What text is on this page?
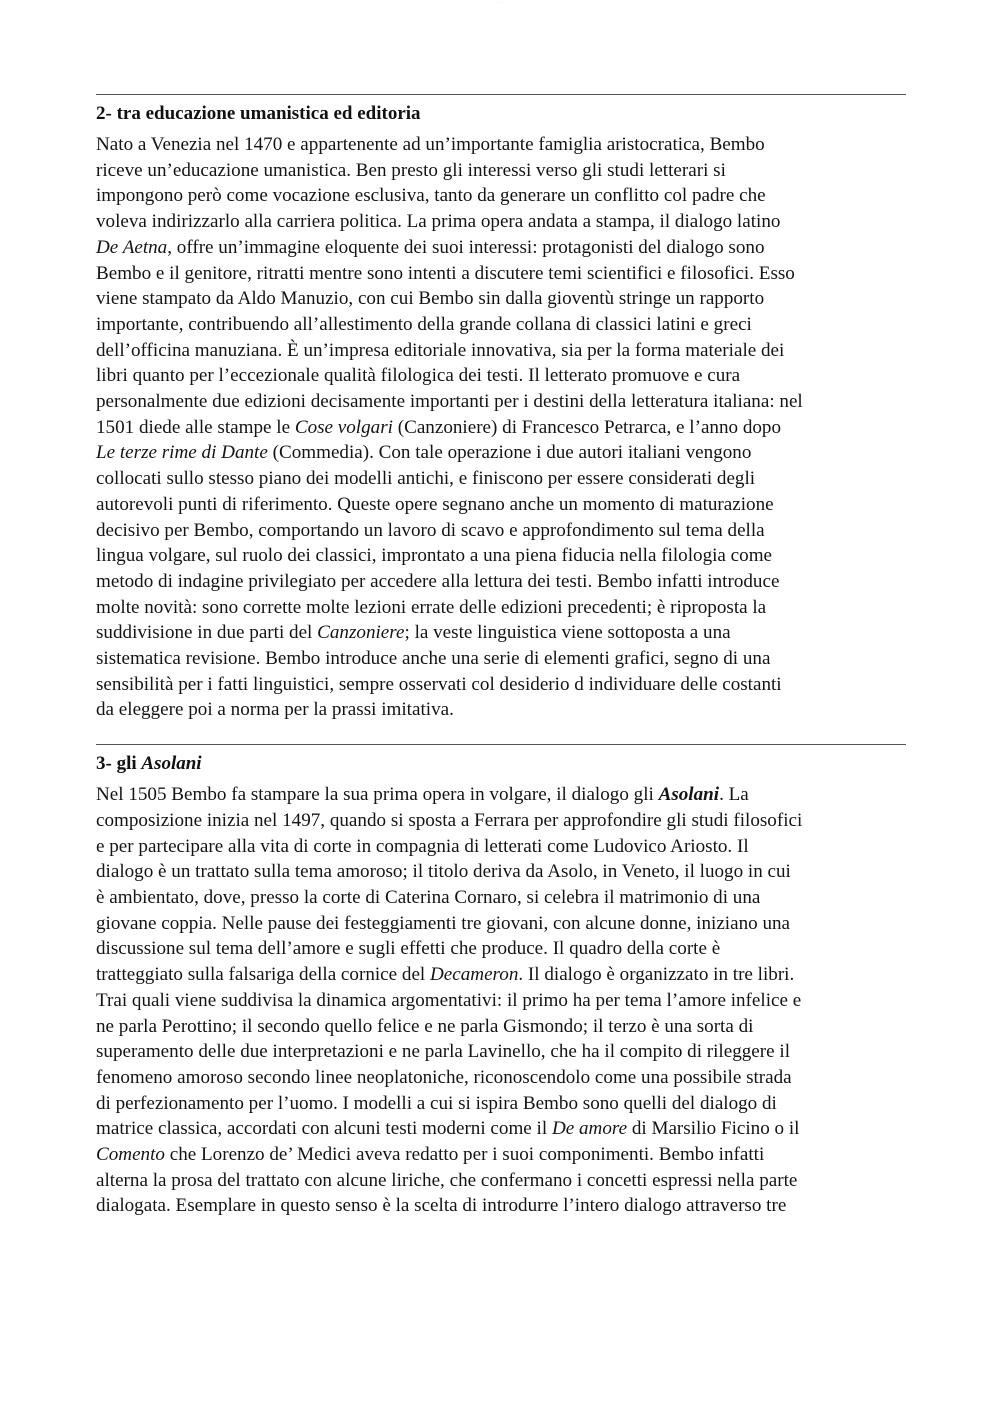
· · · · ·
2- tra educazione umanistica ed editoria
Nato a Venezia nel 1470 e appartenente ad un’importante famiglia aristocratica, Bembo
riceve un’educazione umanistica. Ben presto gli interessi verso gli studi letterari si
impongono però come vocazione esclusiva, tanto da generare un conflitto col padre che
voleva indirizzarlo alla carriera politica. La prima opera andata a stampa, il dialogo latino
De Aetna, offre un’immagine eloquente dei suoi interessi: protagonisti del dialogo sono
Bembo e il genitore, ritratti mentre sono intenti a discutere temi scientifici e filosofici. Esso
viene stampato da Aldo Manuzio, con cui Bembo sin dalla gioventù stringe un rapporto
importante, contribuendo all’allestimento della grande collana di classici latini e greci
dell’officina manuziana. È un’impresa editoriale innovativa, sia per la forma materiale dei
libri quanto per l’eccezionale qualità filologica dei testi. Il letterato promuove e cura
personalmente due edizioni decisamente importanti per i destini della letteratura italiana: nel
1501 diede alle stampe le Cose volgari (Canzoniere) di Francesco Petrarca, e l’anno dopo
Le terze rime di Dante (Commedia). Con tale operazione i due autori italiani vengono
collocati sullo stesso piano dei modelli antichi, e finiscono per essere considerati degli
autorevoli punti di riferimento. Queste opere segnano anche un momento di maturazione
decisivo per Bembo, comportando un lavoro di scavo e approfondimento sul tema della
lingua volgare, sul ruolo dei classici, improntato a una piena fiducia nella filologia come
metodo di indagine privilegiato per accedere alla lettura dei testi. Bembo infatti introduce
molte novità: sono corrette molte lezioni errate delle edizioni precedenti; è riproposta la
suddivisione in due parti del Canzoniere; la veste linguistica viene sottoposta a una
sistematica revisione. Bembo introduce anche una serie di elementi grafici, segno di una
sensibilità per i fatti linguistici, sempre osservati col desiderio d individuare delle costanti
da eleggere poi a norma per la prassi imitativa.
3- gli Asolani
Nel 1505 Bembo fa stampare la sua prima opera in volgare, il dialogo gli Asolani. La
composizione inizia nel 1497, quando si sposta a Ferrara per approfondire gli studi filosofici
e per partecipare alla vita di corte in compagnia di letterati come Ludovico Ariosto. Il
dialogo è un trattato sulla tema amoroso; il titolo deriva da Asolo, in Veneto, il luogo in cui
è ambientato, dove, presso la corte di Caterina Cornaro, si celebra il matrimonio di una
giovane coppia. Nelle pause dei festeggiamenti tre giovani, con alcune donne, iniziano una
discussione sul tema dell’amore e sugli effetti che produce. Il quadro della corte è
tratteggiato sulla falsariga della cornice del Decameron. Il dialogo è organizzato in tre libri.
Trai quali viene suddivisa la dinamica argomentativi: il primo ha per tema l’amore infelice e
ne parla Perottino; il secondo quello felice e ne parla Gismondo; il terzo è una sorta di
superamento delle due interpretazioni e ne parla Lavinello, che ha il compito di rileggere il
fenomeno amoroso secondo linee neoplatoniche, riconoscendolo come una possibile strada
di perfezionamento per l’uomo. I modelli a cui si ispira Bembo sono quelli del dialogo di
matrice classica, accordati con alcuni testi moderni come il De amore di Marsilio Ficino o il
Comento che Lorenzo de’ Medici aveva redatto per i suoi componimenti. Bembo infatti
alterna la prosa del trattato con alcune liriche, che confermano i concetti espressi nella parte
dialogata. Esemplare in questo senso è la scelta di introdurre l’intero dialogo attraverso tre
